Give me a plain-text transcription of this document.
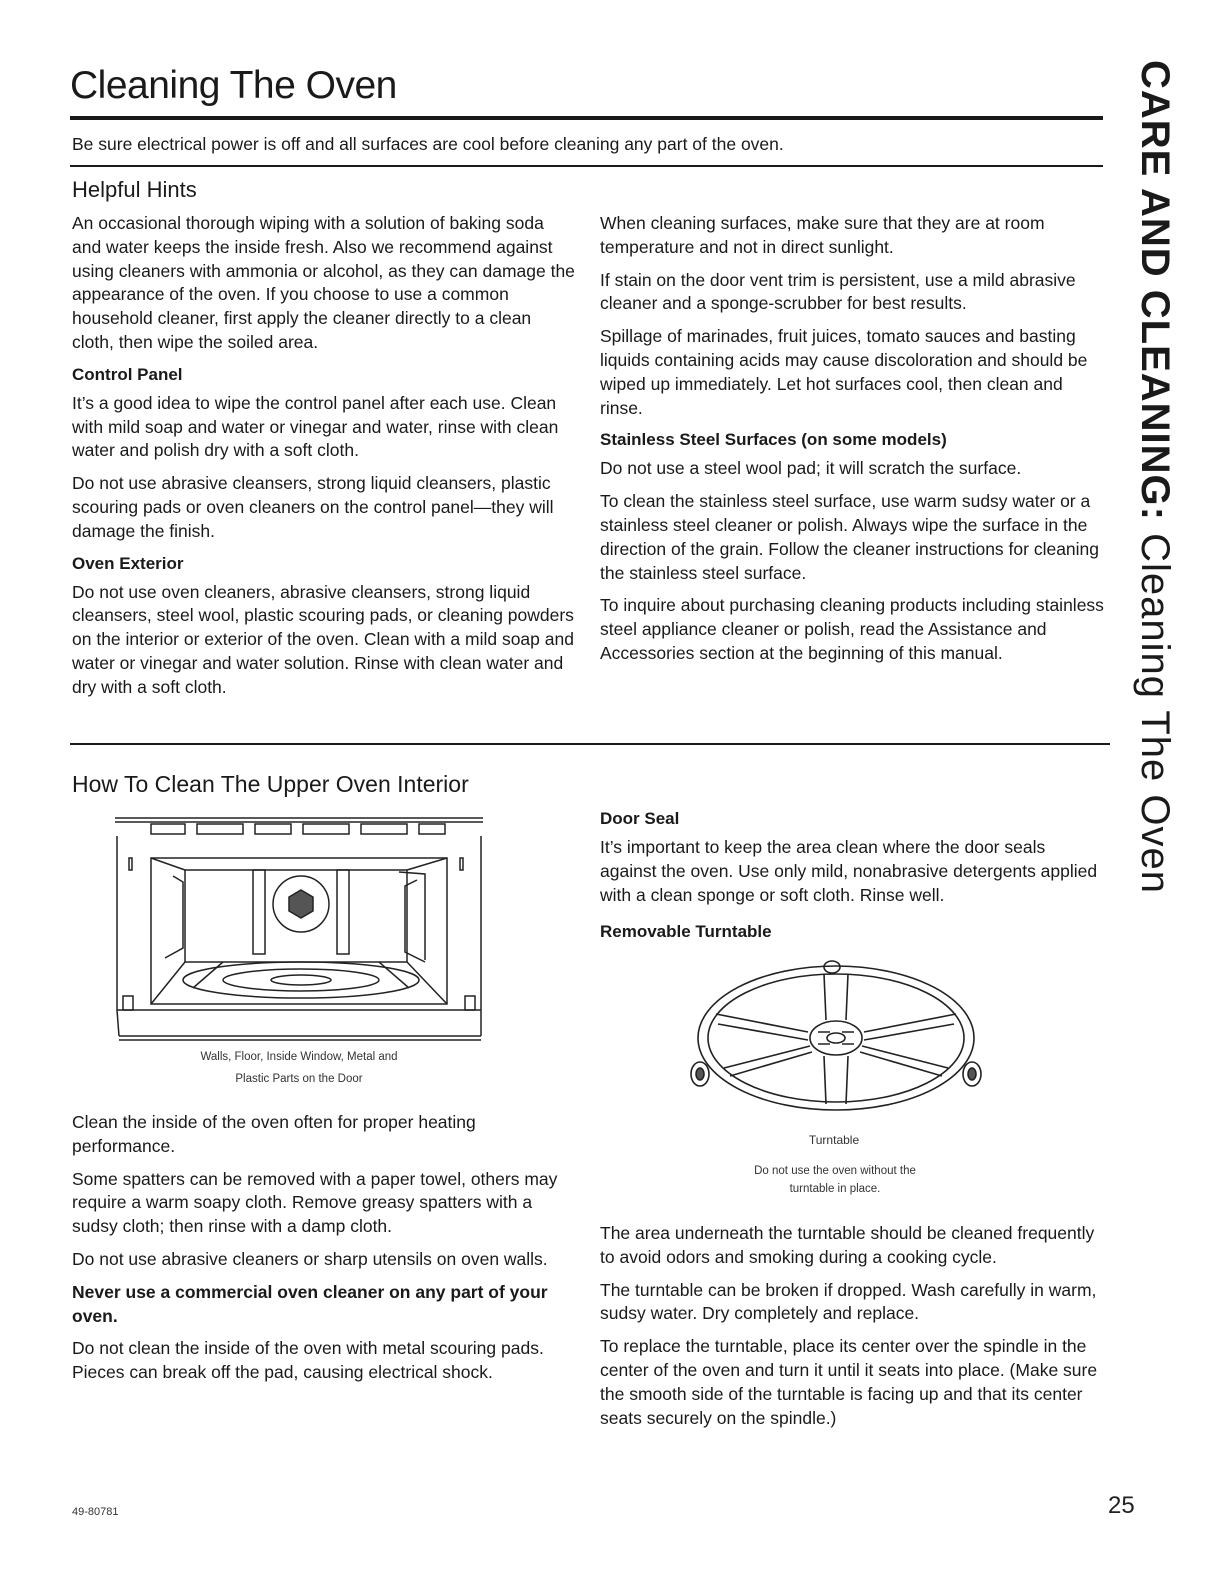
Cleaning The Oven
Be sure electrical power is off and all surfaces are cool before cleaning any part of the oven.	CARE AND CLEANING: Cleaning The Oven
Helpful Hints

An occasional thorough wiping with a solution of baking soda and water keeps the inside fresh. Also we recommend against using cleaners with ammonia or alcohol, as they can damage the appearance of the oven. If you choose to use a common household cleaner, first apply the cleaner directly to a clean cloth, then wipe the soiled area.

Control Panel

It’s a good idea to wipe the control panel after each use. Clean with mild soap and water or vinegar and water, rinse with clean water and polish dry with a soft cloth.

Do not use abrasive cleansers, strong liquid cleansers, plastic scouring pads or oven cleaners on the control panel—they will damage the finish.

Oven Exterior

Do not use oven cleaners, abrasive cleansers, strong liquid cleansers, steel wool, plastic scouring pads, or cleaning powders on the interior or exterior of the oven. Clean with a mild soap and water or vinegar and water solution. Rinse with clean water and dry with a soft cloth.

When cleaning surfaces, make sure that they are at room temperature and not in direct sunlight.

If stain on the door vent trim is persistent, use a mild abrasive cleaner and a sponge-scrubber for best results.

Spillage of marinades, fruit juices, tomato sauces and basting liquids containing acids may cause discoloration and should be wiped up immediately. Let hot surfaces cool, then clean and rinse.

Stainless Steel Surfaces (on some models)

Do not use a steel wool pad; it will scratch the surface.

To clean the stainless steel surface, use warm sudsy water or a stainless steel cleaner or polish. Always wipe the surface in the direction of the grain. Follow the cleaner instructions for cleaning the stainless steel surface.

To inquire about purchasing cleaning products including stainless steel appliance cleaner or polish, read the Assistance and Accessories section at the beginning of this manual.

How To Clean The Upper Oven Interior
Walls, Floor, Inside Window, Metal and
Plastic Parts on the Door

Clean the inside of the oven often for proper heating performance.

Some spatters can be removed with a paper towel, others may require a warm soapy cloth. Remove greasy spatters with a sudsy cloth; then rinse with a damp cloth.

Do not use abrasive cleaners or sharp utensils on oven walls.

Never use a commercial oven cleaner on any part of your oven.

Do not clean the inside of the oven with metal scouring pads. Pieces can break off the pad, causing electrical shock.

Door Seal

It’s important to keep the area clean where the door seals against the oven. Use only mild, nonabrasive detergents applied with a clean sponge or soft cloth. Rinse well.

Removable Turntable
Turntable
Do not use the oven without the
turntable in place.

The area underneath the turntable should be cleaned frequently to avoid odors and smoking during a cooking cycle.

The turntable can be broken if dropped. Wash carefully in warm, sudsy water. Dry completely and replace.

To replace the turntable, place its center over the spindle in the center of the oven and turn it until it seats into place. (Make sure the smooth side of the turntable is facing up and that its center seats securely on the spindle.)

49-80781	25
